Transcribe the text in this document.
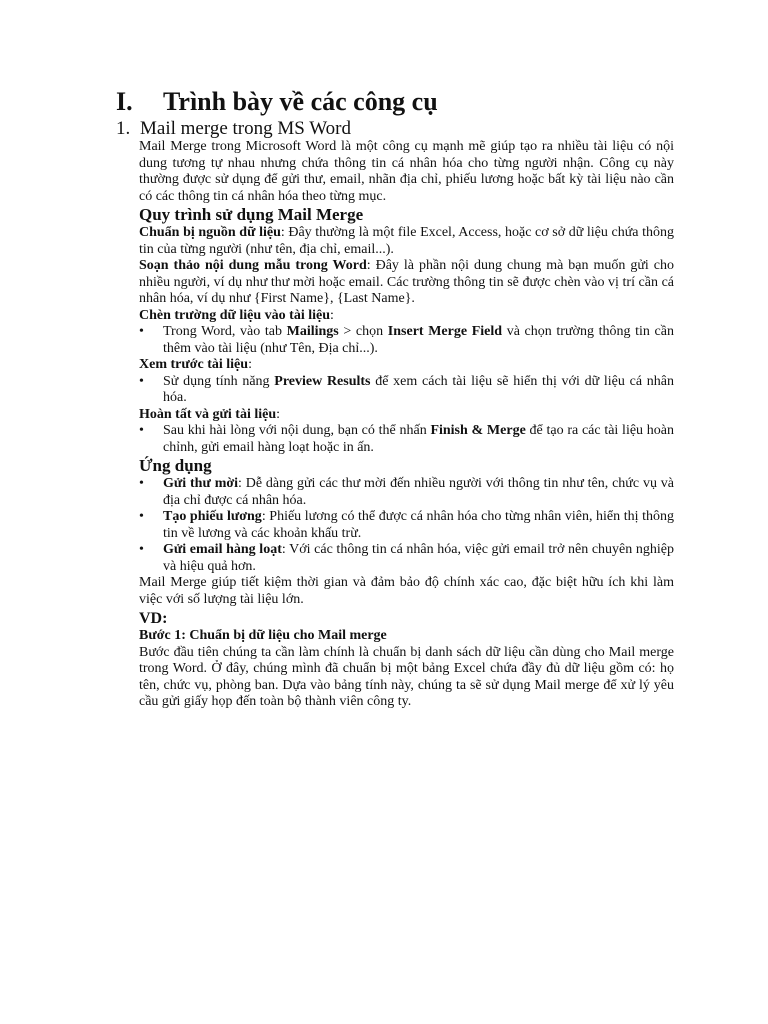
I. Trình bày về các công cụ
1. Mail merge trong MS Word

Mail Merge trong Microsoft Word là một công cụ mạnh mẽ giúp tạo ra nhiều tài liệu có nội dung tương tự nhau nhưng chứa thông tin cá nhân hóa cho từng người nhận. Công cụ này thường được sử dụng để gửi thư, email, nhãn địa chỉ, phiếu lương hoặc bất kỳ tài liệu nào cần có các thông tin cá nhân hóa theo từng mục.

Quy trình sử dụng Mail Merge

Chuẩn bị nguồn dữ liệu: Đây thường là một file Excel, Access, hoặc cơ sở dữ liệu chứa thông tin của từng người (như tên, địa chỉ, email...).

Soạn thảo nội dung mẫu trong Word: Đây là phần nội dung chung mà bạn muốn gửi cho nhiều người, ví dụ như thư mời hoặc email. Các trường thông tin sẽ được chèn vào vị trí cần cá nhân hóa, ví dụ như {First Name}, {Last Name}.

Chèn trường dữ liệu vào tài liệu:

•	Trong Word, vào tab Mailings > chọn Insert Merge Field và chọn trường thông tin cần thêm vào tài liệu (như Tên, Địa chỉ...).

Xem trước tài liệu:

•	Sử dụng tính năng Preview Results để xem cách tài liệu sẽ hiển thị với dữ liệu cá nhân hóa.

Hoàn tất và gửi tài liệu:

•	Sau khi hài lòng với nội dung, bạn có thể nhấn Finish & Merge để tạo ra các tài liệu hoàn chỉnh, gửi email hàng loạt hoặc in ấn.

Ứng dụng

•	Gửi thư mời: Dễ dàng gửi các thư mời đến nhiều người với thông tin như tên, chức vụ và địa chỉ được cá nhân hóa.
•	Tạo phiếu lương: Phiếu lương có thể được cá nhân hóa cho từng nhân viên, hiển thị thông tin về lương và các khoản khấu trừ.
•	Gửi email hàng loạt: Với các thông tin cá nhân hóa, việc gửi email trở nên chuyên nghiệp và hiệu quả hơn.

Mail Merge giúp tiết kiệm thời gian và đảm bảo độ chính xác cao, đặc biệt hữu ích khi làm việc với số lượng tài liệu lớn.

VD:

Bước 1: Chuẩn bị dữ liệu cho Mail merge

Bước đầu tiên chúng ta cần làm chính là chuẩn bị danh sách dữ liệu cần dùng cho Mail merge trong Word. Ở đây, chúng mình đã chuẩn bị một bảng Excel chứa đầy đủ dữ liệu gồm có: họ tên, chức vụ, phòng ban. Dựa vào bảng tính này, chúng ta sẽ sử dụng Mail merge để xử lý yêu cầu gửi giấy họp đến toàn bộ thành viên công ty.
